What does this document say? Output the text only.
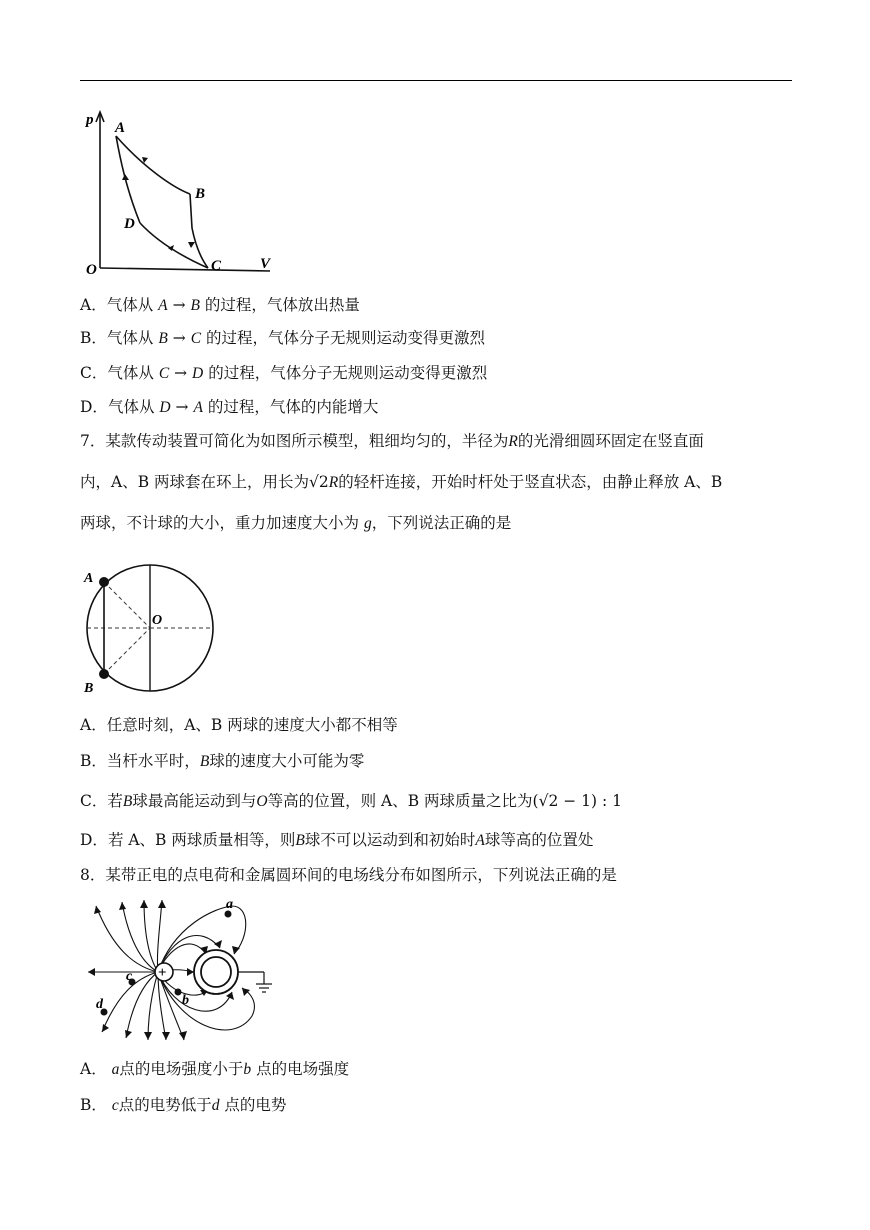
p
V
O
A
B
C
D
A．气体从 A → B 的过程，气体放出热量
B．气体从 B → C 的过程，气体分子无规则运动变得更激烈
C．气体从 C → D 的过程，气体分子无规则运动变得更激烈
D．气体从 D → A 的过程，气体的内能增大
7．某款传动装置可简化为如图所示模型，粗细均匀的，半径为R的光滑细圆环固定在竖直面
内，A、B 两球套在环上，用长为√2R的轻杆连接，开始时杆处于竖直状态，由静止释放 A、B
两球，不计球的大小，重力加速度大小为 g，下列说法正确的是
A
B
O
A．任意时刻，A、B 两球的速度大小都不相等
B．当杆水平时，B球的速度大小可能为零
C．若B球最高能运动到与O等高的位置，则 A、B 两球质量之比为(√2 − 1) : 1
D．若 A、B 两球质量相等，则B球不可以运动到和初始时A球等高的位置处
8．某带正电的点电荷和金属圆环间的电场线分布如图所示，下列说法正确的是
+
a
b
c
d
A． a点的电场强度小于b 点的电场强度
B． c点的电势低于d 点的电势
